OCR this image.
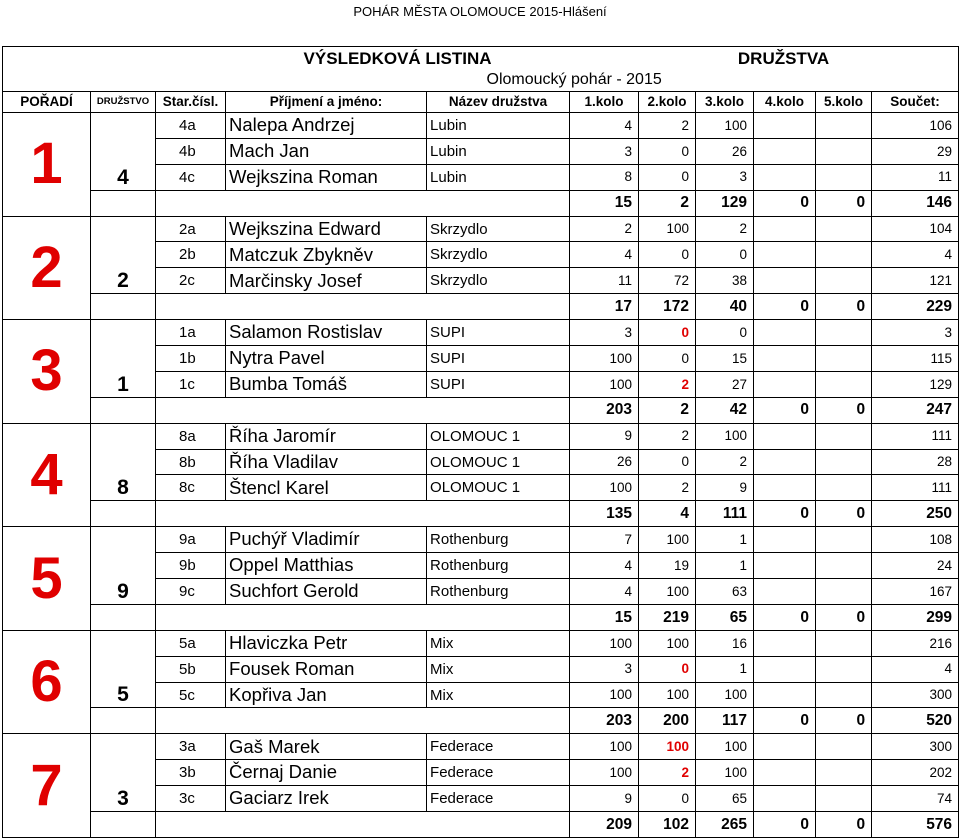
POHÁR MĚSTA OLOMOUCE 2015-Hlášení
			VÝSLEDKOVÁ LISTINA				DRUŽSTVA			
				Olomoucký pohár - 2015						
POŘADÍ	DRUŽSTVO	Star.čísl.	Příjmení a jméno:	Název družstva	1.kolo	2.kolo	3.kolo	4.kolo	5.kolo	Součet:
1	4	4a	Nalepa Andrzej	Lubin	4	2	100			106
		4b	Mach Jan	Lubin	3	0	26			29
		4c	Wejkszina Roman	Lubin	8	0	3			11
					15	2	129	0	0	146
2	2	2a	Wejkszina Edward	Skrzydlo	2	100	2			104
		2b	Matczuk Zbykněv	Skrzydlo	4	0	0			4
		2c	Marčinsky Josef	Skrzydlo	11	72	38			121
					17	172	40	0	0	229
3	1	1a	Salamon Rostislav	SUPI	3	0	0			3
		1b	Nytra Pavel	SUPI	100	0	15			115
		1c	Bumba Tomáš	SUPI	100	2	27			129
					203	2	42	0	0	247
4	8	8a	Říha Jaromír	OLOMOUC 1	9	2	100			111
		8b	Říha Vladilav	OLOMOUC 1	26	0	2			28
		8c	Štencl Karel	OLOMOUC 1	100	2	9			111
					135	4	111	0	0	250
5	9	9a	Puchýř Vladimír	Rothenburg	7	100	1			108
		9b	Oppel Matthias	Rothenburg	4	19	1			24
		9c	Suchfort Gerold	Rothenburg	4	100	63			167
					15	219	65	0	0	299
6	5	5a	Hlaviczka Petr	Mix	100	100	16			216
		5b	Fousek Roman	Mix	3	0	1			4
		5c	Kopřiva Jan	Mix	100	100	100			300
					203	200	117	0	0	520
7	3	3a	Gaš Marek	Federace	100	100	100			300
		3b	Černaj Danie	Federace	100	2	100			202
		3c	Gaciarz Irek	Federace	9	0	65			74
					209	102	265	0	0	576
